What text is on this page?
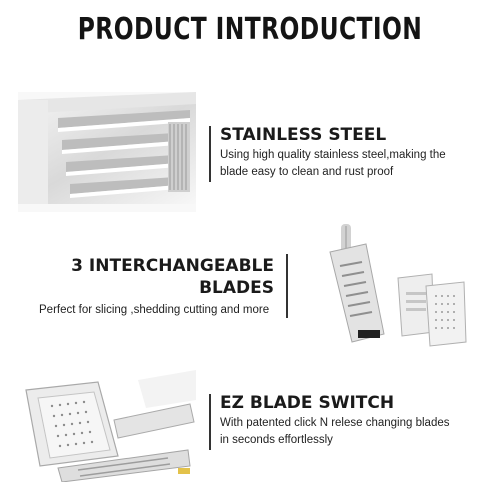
PRODUCT INTRODUCTION
STAINLESS STEEL
Using high quality stainless steel,making the
blade easy to clean and rust proof
3 INTERCHANGEABLE
BLADES
Perfect for slicing ,shedding cutting and more
EZ BLADE SWITCH
With patented click N relese changing blades
in seconds effortlessly
